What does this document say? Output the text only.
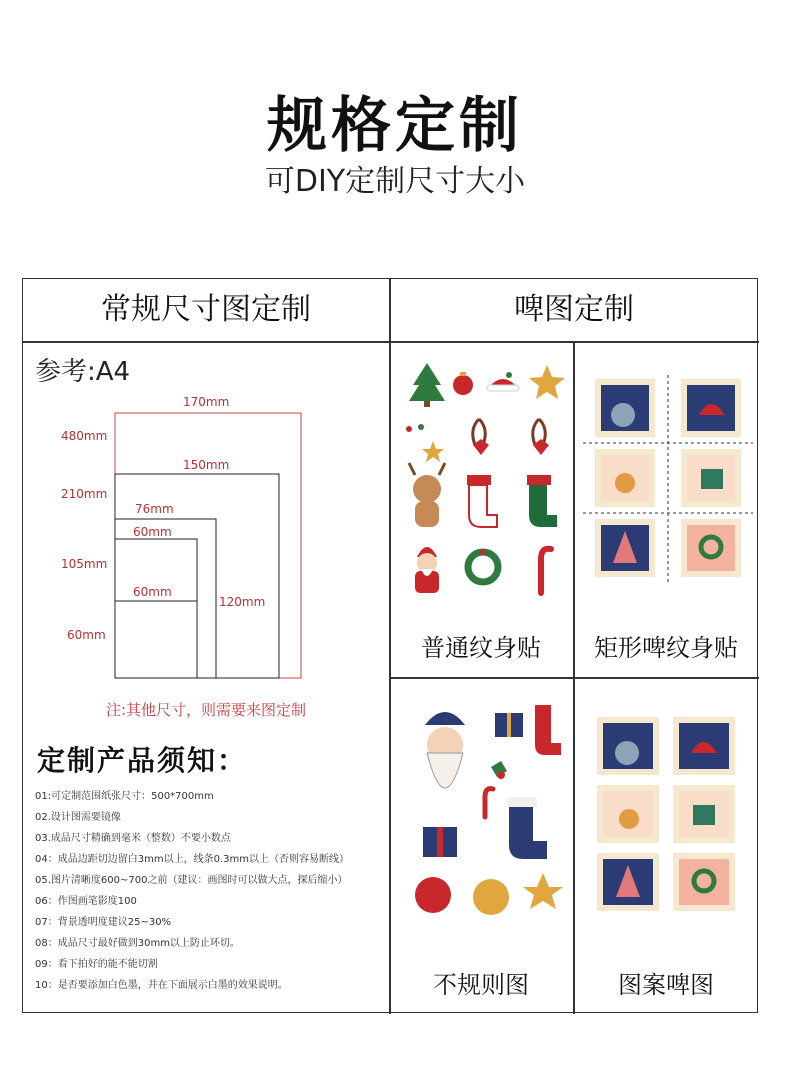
规格定制
可DIY定制尺寸大小
常规尺寸图定制	啤图定制
参考:A4
170mm
480mm
150mm
210mm
76mm
60mm
105mm
60mm
120mm
60mm
注:其他尺寸，则需要来图定制
定制产品须知：
01:可定制范围纸张尺寸：500*700mm
02.设计图需要镜像
03.成品尺寸精确到毫米（整数）不要小数点
04：成品边距切边留白3mm以上，线条0.3mm以上（否则容易断线）
05.图片清晰度600~700之前（建议：画图时可以做大点，探后缩小）
06：作图画笔影度100
07：背景透明度建议25~30%
08：成品尺寸最好做到30mm以上防止环切。
09：看下拍好的能不能切割
10：是否要添加白色墨，并在下面展示白墨的效果说明。
普通纹身贴	矩形啤纹身贴
不规则图	图案啤图
